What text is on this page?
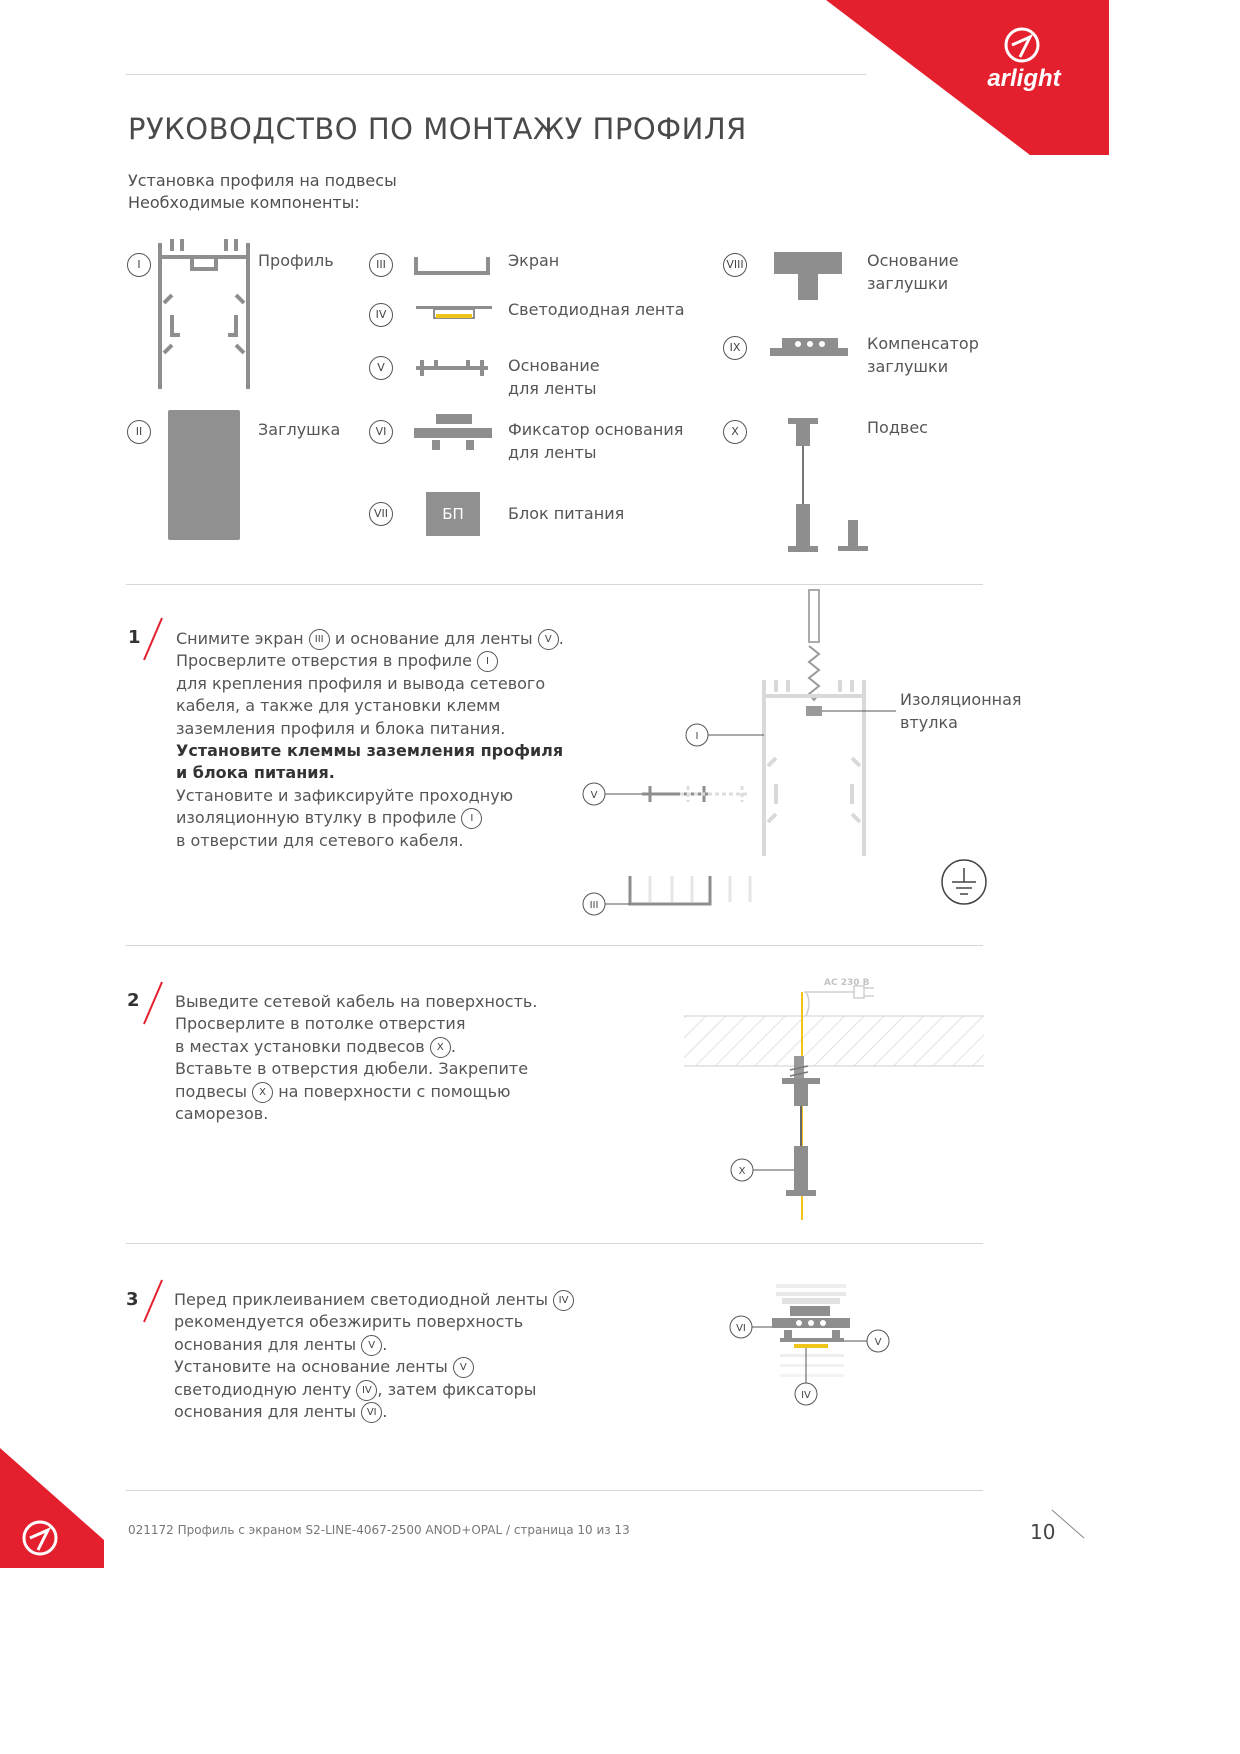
arlight
РУКОВОДСТВО ПО МОНТАЖУ ПРОФИЛЯ
Установка профиля на подвесы
Необходимые компоненты:
I	Профиль
II	Заглушка
III	Экран
IV	Светодиодная лента
V	Основание
для ленты
VI	Фиксатор основания
для ленты
VII	БП	Блок питания
VIII	Основание
заглушки
IX	Компенсатор
заглушки
X	Подвес
1 Снимите экран III и основание для ленты V .
Просверлите отверстия в профиле I
для крепления профиля и вывода сетевого
кабеля, а также для установки клемм
заземления профиля и блока питания.
Установите клеммы заземления профиля
и блока питания.
Установите и зафиксируйте проходную
изоляционную втулку в профиле I
в отверстии для сетевого кабеля.
I
V
III
Изоляционная
втулка
2 Выведите сетевой кабель на поверхность.
Просверлите в потолке отверстия
в местах установки подвесов X .
Вставьте в отверстия дюбели. Закрепите
подвесы X на поверхности с помощью
саморезов.
AC 230 В
X
3 Перед приклеиванием светодиодной ленты IV
рекомендуется обезжирить поверхность
основания для ленты V .
Установите на основание ленты V
светодиодную ленту IV , затем фиксаторы
основания для ленты VI .
VI
V
IV
021172 Профиль с экраном S2-LINE-4067-2500 ANOD+OPAL / страница 10 из 13	10
